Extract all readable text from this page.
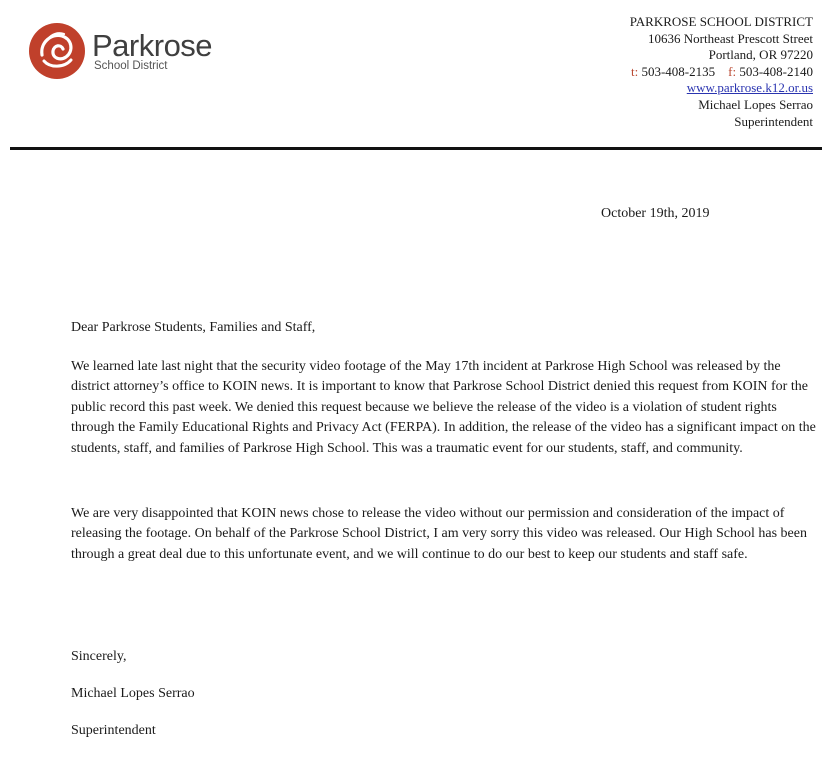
Parkrose
School District
PARKROSE SCHOOL DISTRICT
10636 Northeast Prescott Street
Portland, OR 97220
t: 503-408-2135 f: 503-408-2140
www.parkrose.k12.or.us
Michael Lopes Serrao
Superintendent
October 19th, 2019
Dear Parkrose Students, Families and Staff,

We learned late last night that the security video footage of the May 17th incident at Parkrose High School was released by the district attorney’s office to KOIN news. It is important to know that Parkrose School District denied this request from KOIN for the public record this past week. We denied this request because we believe the release of the video is a violation of student rights through the Family Educational Rights and Privacy Act (FERPA). In addition, the release of the video has a significant impact on the students, staff, and families of Parkrose High School. This was a traumatic event for our students, staff, and community.

We are very disappointed that KOIN news chose to release the video without our permission and consideration of the impact of releasing the footage. On behalf of the Parkrose School District, I am very sorry this video was released. Our High School has been through a great deal due to this unfortunate event, and we will continue to do our best to keep our students and staff safe.

Sincerely,
Michael Lopes Serrao
Superintendent
